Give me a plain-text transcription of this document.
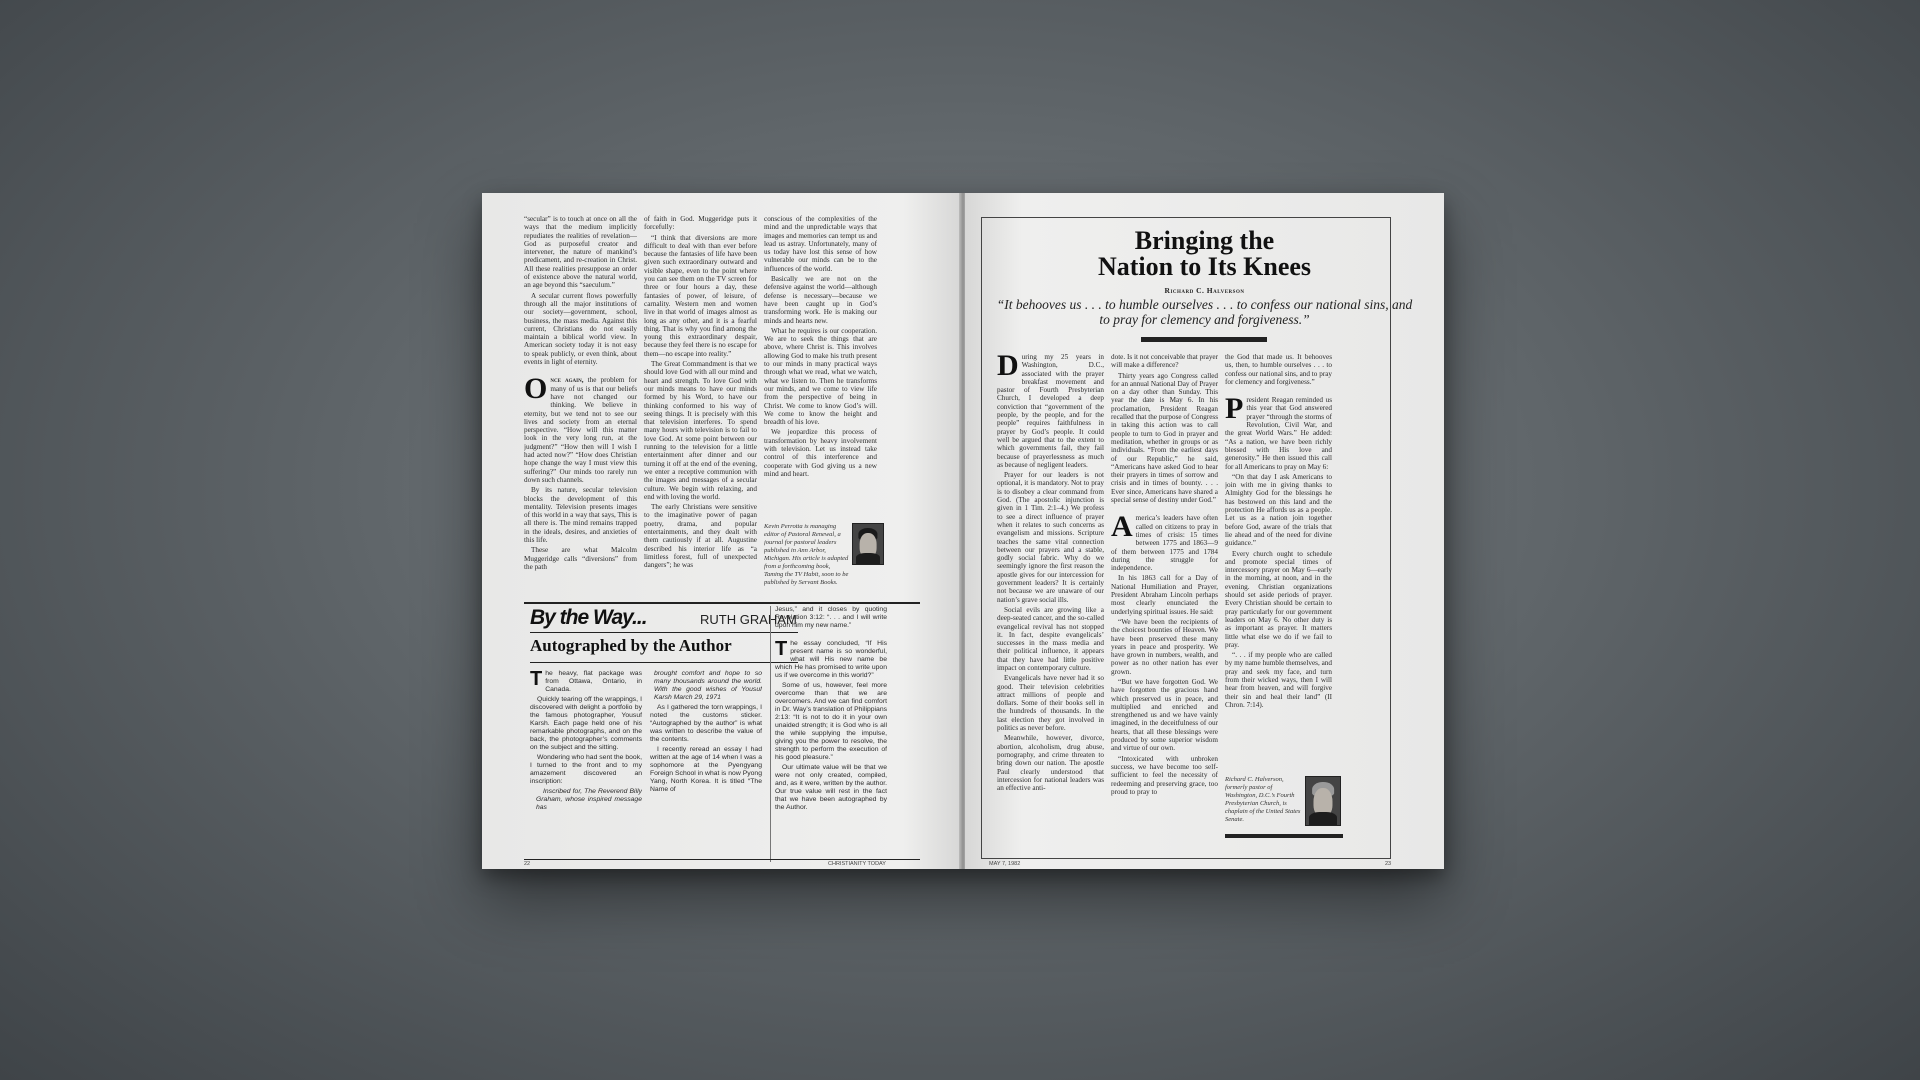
“secular” is to touch at once on all the ways that the medium implicitly repudiates the realities of revelation—God as purposeful creator and intervener, the nature of mankind’s predicament, and re-creation in Christ. All these realities presuppose an order of existence above the natural world, an age beyond this “saeculum.”

A secular current flows powerfully through all the major institutions of our society—government, school, business, the mass media. Against this current, Christians do not easily maintain a biblical world view. In American society today it is not easy to speak publicly, or even think, about events in light of eternity.

Once again, the problem for many of us is that our beliefs have not changed our thinking. We believe in eternity, but we tend not to see our lives and society from an eternal perspective. “How will this matter look in the very long run, at the judgment?” “How then will I wish I had acted now?” “How does Christian hope change the way I must view this suffering?” Our minds too rarely run down such channels.

By its nature, secular television blocks the development of this mentality. Television presents images of this world in a way that says, This is all there is. The mind remains trapped in the ideals, desires, and anxieties of this life.

These are what Malcolm Muggeridge calls “diversions” from the path

of faith in God. Muggeridge puts it forcefully:

“I think that diversions are more difficult to deal with than ever before because the fantasies of life have been given such extraordinary outward and visible shape, even to the point where you can see them on the TV screen for three or four hours a day, these fantasies of power, of leisure, of carnality. Western men and women live in that world of images almost as long as any other, and it is a fearful thing. That is why you find among the young this extraordinary despair, because they feel there is no escape for them—no escape into reality.”

The Great Commandment is that we should love God with all our mind and heart and strength. To love God with our minds means to have our minds formed by his Word, to have our thinking conformed to his way of seeing things. It is precisely with this that television interferes. To spend many hours with television is to fail to love God. At some point between our running to the television for a little entertainment after dinner and our turning it off at the end of the evening, we enter a receptive communion with the images and messages of a secular culture. We begin with relaxing, and end with loving the world.

The early Christians were sensitive to the imaginative power of pagan poetry, drama, and popular entertainments, and they dealt with them cautiously if at all. Augustine described his interior life as “a limitless forest, full of unexpected dangers”; he was

conscious of the complexities of the mind and the unpredictable ways that images and memories can tempt us and lead us astray. Unfortunately, many of us today have lost this sense of how vulnerable our minds can be to the influences of the world.

Basically we are not on the defensive against the world—although defense is necessary—because we have been caught up in God’s transforming work. He is making our minds and hearts new.

What he requires is our cooperation. We are to seek the things that are above, where Christ is. This involves allowing God to make his truth present to our minds in many practical ways through what we read, what we watch, what we listen to. Then he transforms our minds, and we come to view life from the perspective of being in Christ. We come to know God’s will. We come to know the height and breadth of his love.

We jeopardize this process of transformation by heavy involvement with television. Let us instead take control of this interference and cooperate with God giving us a new mind and heart.

Kevin Perrotta is managing editor of Pastoral Renewal, a journal for pastoral leaders published in Ann Arbor, Michigan. His article is adapted from a forthcoming book, Taming the TV Habit, soon to be published by Servant Books.
By the Way...	RUTH GRAHAM
Autographed by the Author

The heavy, flat package was from Ottawa, Ontario, in Canada.

Quickly tearing off the wrappings, I discovered with delight a portfolio by the famous photographer, Yousuf Karsh. Each page held one of his remarkable photographs, and on the back, the photographer’s comments on the subject and the sitting.

Wondering who had sent the book, I turned to the front and to my amazement discovered an inscription:

Inscribed for, The Reverend Billy Graham, whose inspired message has

brought comfort and hope to so many thousands around the world. With the good wishes of Yousuf Karsh March 29, 1971

As I gathered the torn wrappings, I noted the customs sticker. “Autographed by the author” is what was written to describe the value of the contents.

I recently reread an essay I had written at the age of 14 when I was a sophomore at the Pyengyang Foreign School in what is now Pyong Yang, North Korea. It is titled “The Name of

Jesus,” and it closes by quoting Revelation 3:12: “. . . and I will write upon him my new name.”

The essay concluded, “If His present name is so wonderful, what will His new name be which He has promised to write upon us if we overcome in this world?”

Some of us, however, feel more overcome than that we are overcomers. And we can find comfort in Dr. Way’s translation of Philippians 2:13: “It is not to do it in your own unaided strength; it is God who is all the while supplying the impulse, giving you the power to resolve, the strength to perform the execution of his good pleasure.”

Our ultimate value will be that we were not only created, compiled, and, as it were, written by the author. Our true value will rest in the fact that we have been autographed by the Author.

22	CHRISTIANITY TODAY
Bringing the
Nation to Its Knees
Richard C. Halverson
“It behooves us . . . to humble ourselves . . . to confess our national sins, and to pray for clemency and forgiveness.”

During my 25 years in Washington, D.C., associated with the prayer breakfast movement and pastor of Fourth Presbyterian Church, I developed a deep conviction that “government of the people, by the people, and for the people” requires faithfulness in prayer by God’s people. It could well be argued that to the extent to which governments fail, they fail because of prayerlessness as much as because of negligent leaders.

Prayer for our leaders is not optional, it is mandatory. Not to pray is to disobey a clear command from God. (The apostolic injunction is given in 1 Tim. 2:1–4.) We profess to see a direct influence of prayer when it relates to such concerns as evangelism and missions. Scripture teaches the same vital connection between our prayers and a stable, godly social fabric. Why do we seemingly ignore the first reason the apostle gives for our intercession for government leaders? It is certainly not because we are unaware of our nation’s grave social ills.

Social evils are growing like a deep-seated cancer, and the so-called evangelical revival has not stopped it. In fact, despite evangelicals’ successes in the mass media and their political influence, it appears that they have had little positive impact on contemporary culture.

Evangelicals have never had it so good. Their television celebrities attract millions of people and dollars. Some of their books sell in the hundreds of thousands. In the last election they got involved in politics as never before.

Meanwhile, however, divorce, abortion, alcoholism, drug abuse, pornography, and crime threaten to bring down our nation. The apostle Paul clearly understood that intercession for national leaders was an effective anti-

dote. Is it not conceivable that prayer will make a difference?

Thirty years ago Congress called for an annual National Day of Prayer on a day other than Sunday. This year the date is May 6. In his proclamation, President Reagan recalled that the purpose of Congress in taking this action was to call people to turn to God in prayer and meditation, whether in groups or as individuals. “From the earliest days of our Republic,” he said, “Americans have asked God to hear their prayers in times of sorrow and crisis and in times of bounty. . . . Ever since, Americans have shared a special sense of destiny under God.”

America’s leaders have often called on citizens to pray in times of crisis: 15 times between 1775 and 1863—9 of them between 1775 and 1784 during the struggle for independence.

In his 1863 call for a Day of National Humiliation and Prayer, President Abraham Lincoln perhaps most clearly enunciated the underlying spiritual issues. He said:

“We have been the recipients of the choicest bounties of Heaven. We have been preserved these many years in peace and prosperity. We have grown in numbers, wealth, and power as no other nation has ever grown.

“But we have forgotten God. We have forgotten the gracious hand which preserved us in peace, and multiplied and enriched and strengthened us and we have vainly imagined, in the deceitfulness of our hearts, that all these blessings were produced by some superior wisdom and virtue of our own.

“Intoxicated with unbroken success, we have become too self-sufficient to feel the necessity of redeeming and preserving grace, too proud to pray to

the God that made us. It behooves us, then, to humble ourselves . . . to confess our national sins, and to pray for clemency and forgiveness.”

President Reagan reminded us this year that God answered prayer “through the storms of Revolution, Civil War, and the great World Wars.” He added: “As a nation, we have been richly blessed with His love and generosity.” He then issued this call for all Americans to pray on May 6:

“On that day I ask Americans to join with me in giving thanks to Almighty God for the blessings he has bestowed on this land and the protection He affords us as a people. Let us as a nation join together before God, aware of the trials that lie ahead and of the need for divine guidance.”

Every church ought to schedule and promote special times of intercessory prayer on May 6—early in the morning, at noon, and in the evening. Christian organizations should set aside periods of prayer. Every Christian should be certain to pray particularly for our government leaders on May 6. No other duty is as important as prayer. It matters little what else we do if we fail to pray.

“. . . if my people who are called by my name humble themselves, and pray and seek my face, and turn from their wicked ways, then I will hear from heaven, and will forgive their sin and heal their land” (II Chron. 7:14).

Richard C. Halverson, formerly pastor of Washington, D.C.’s Fourth Presbyterian Church, is chaplain of the United States Senate.
MAY 7, 1982	23
